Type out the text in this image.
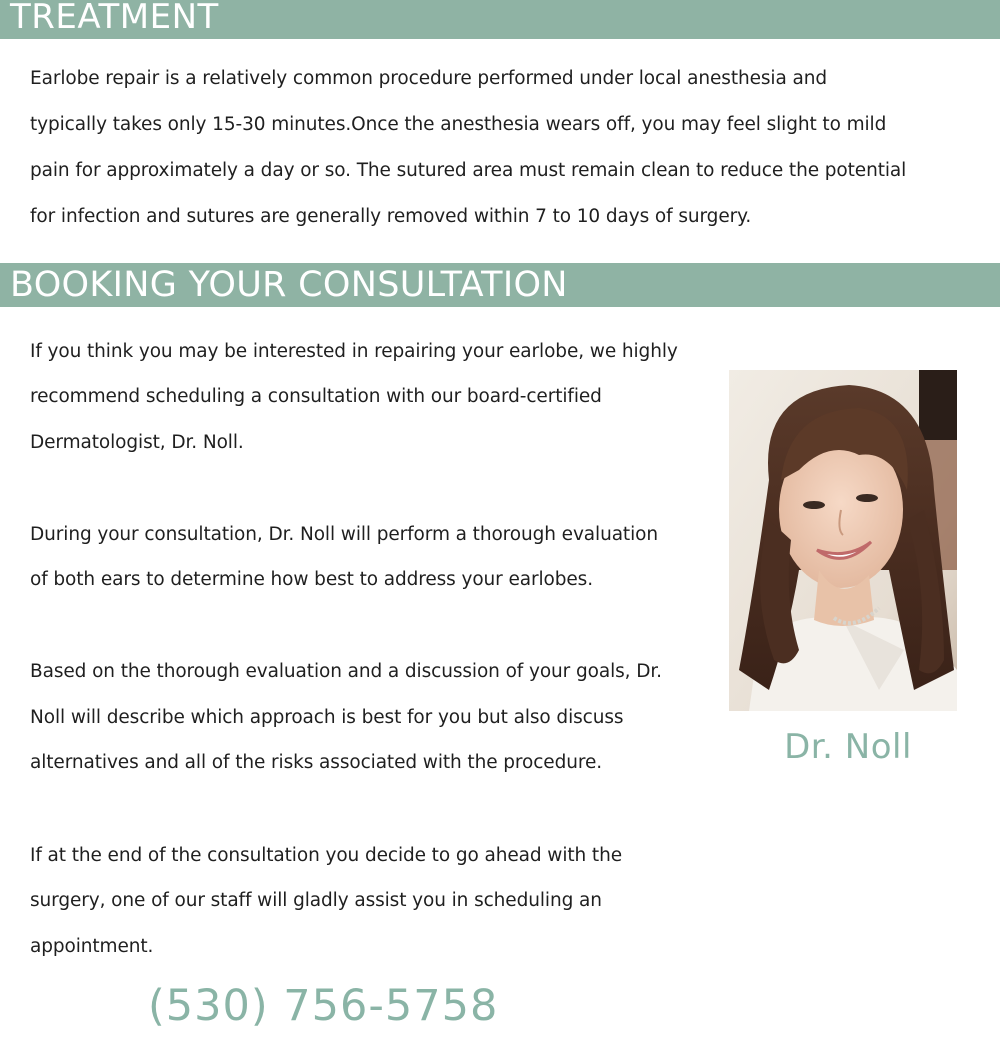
TREATMENT
Earlobe repair is a relatively common procedure performed under local anesthesia and
typically takes only 15-30 minutes.Once the anesthesia wears off, you may feel slight to mild
pain for approximately a day or so. The sutured area must remain clean to reduce the potential
for infection and sutures are generally removed within 7 to 10 days of surgery.
BOOKING YOUR CONSULTATION
If you think you may be interested in repairing your earlobe, we highly
recommend scheduling a consultation with our board-certified
Dermatologist, Dr. Noll.
During your consultation, Dr. Noll will perform a thorough evaluation
of both ears to determine how best to address your earlobes.
Based on the thorough evaluation and a discussion of your goals, Dr.
Noll will describe which approach is best for you but also discuss
alternatives and all of the risks associated with the procedure.
If at the end of the consultation you decide to go ahead with the
surgery, one of our staff will gladly assist you in scheduling an
appointment.
Dr. Noll
(530) 756-5758
